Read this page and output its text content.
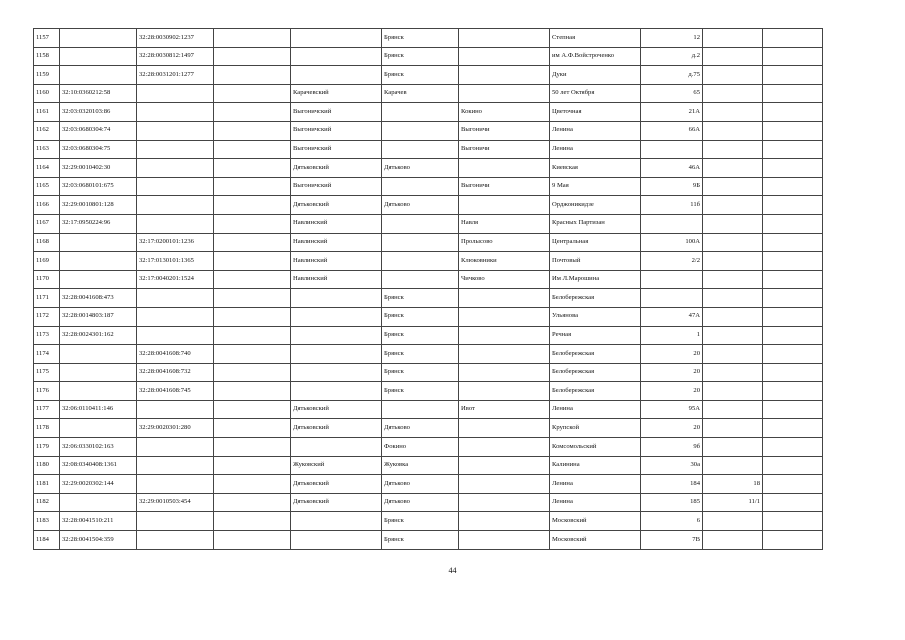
1157		32:28:0030902:1237			Брянск		Степная	12		
1158		32:28:0030812:1497			Брянск		им А.Ф.Войстроченко	д.2		
1159		32:28:0031201:1277			Брянск		Дуки	д.75		
1160	32:10:0360212:58			Карачевский	Карачев		50 лет Октября	65		
1161	32:03:0320103:86			Выгоничский		Кокино	Цветочная	21А		
1162	32:03:0680304:74			Выгоничский		Выгоничи	Ленина	66А		
1163	32:03:0680304:75			Выгоничский		Выгоничи	Ленина			
1164	32:29:0010402:30			Дятьковский	Дятьково		Киевская	46А		
1165	32:03:0680101:675			Выгоничский		Выгоничи	9 Мая	9Б		
1166	32:29:0010801:128			Дятьковский	Дятьково		Орджоникидзе	11б		
1167	32:17:0950224:96			Навлинский		Навля	Красных Партизан			
1168		32:17:0200101:1236		Навлинский		Пролысово	Центральная	100А		
1169		32:17:0130101:1365		Навлинский		Клюковники	Почтовый	2/2		
1170		32:17:0040201:1524		Навлинский		Чичково	Им Л.Марошина			
1171	32:28:0041608:473				Брянск		Белобережская			
1172	32:28:0014803:187				Брянск		Ульянова	47А		
1173	32:28:0024301:162				Брянск		Речная	1		
1174		32:28:0041608:740			Брянск		Белобережская	20		
1175		32:28:0041608:732			Брянск		Белобережская	20		
1176		32:28:0041608:745			Брянск		Белобережская	20		
1177	32:06:0110411:146			Дятьковский		Ивот	Ленина	95А		
1178		32:29:0020301:280		Дятьковский	Дятьково		Крупской	20		
1179	32:06:0330102:163				Фокино		Комсомольский	9б		
1180	32:08:0340408:1361			Жуковский	Жуковка		Калинина	30а		
1181	32:29:0020302:144			Дятьковский	Дятьково		Ленина	184	18	
1182		32:29:0010503:454		Дятьковский	Дятьково		Ленина	185	11/1	
1183	32:28:0041510:211				Брянск		Московский	6		
1184	32:28:0041504:359				Брянск		Московский	7В		
44
